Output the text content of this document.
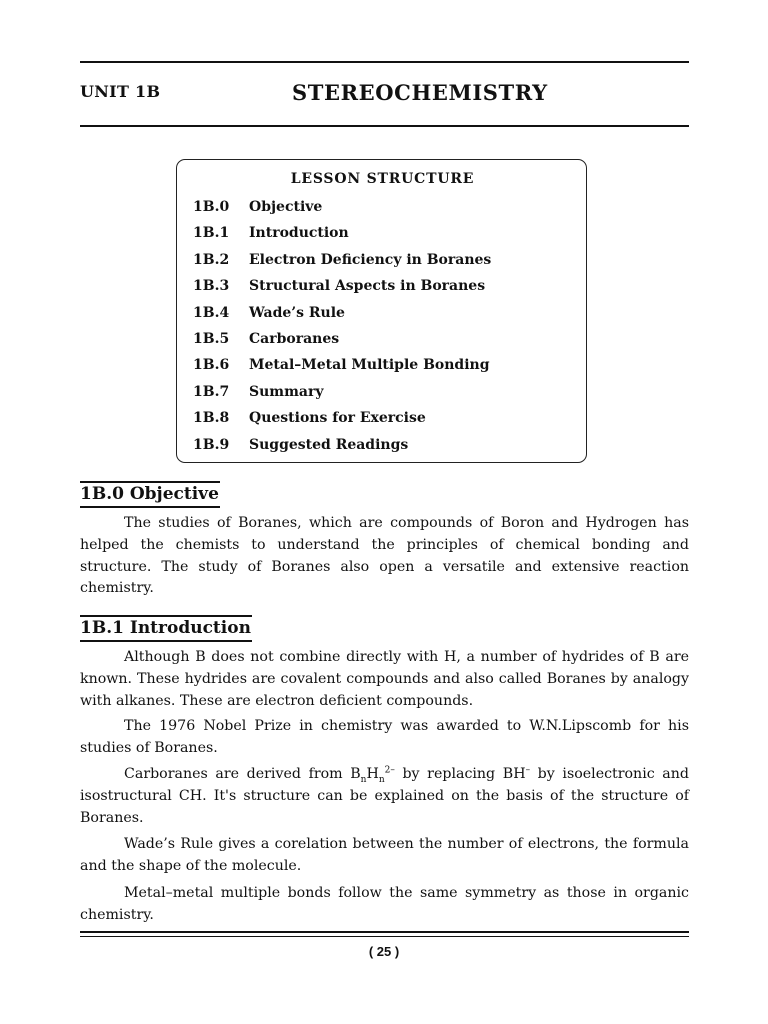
UNIT 1B	STEREOCHEMISTRY
LESSON STRUCTURE
1B.0 Objective
1B.1 Introduction
1B.2 Electron Deficiency in Boranes
1B.3 Structural Aspects in Boranes
1B.4 Wade’s Rule
1B.5 Carboranes
1B.6 Metal–Metal Multiple Bonding
1B.7 Summary
1B.8 Questions for Exercise
1B.9 Suggested Readings
1B.0 Objective

The studies of Boranes, which are compounds of Boron and Hydrogen has helped the chemists to understand the principles of chemical bonding and structure. The study of Boranes also open a versatile and extensive reaction chemistry.

1B.1 Introduction

Although B does not combine directly with H, a number of hydrides of B are known. These hydrides are covalent compounds and also called Boranes by analogy with alkanes. These are electron deficient compounds.

The 1976 Nobel Prize in chemistry was awarded to W.N.Lipscomb for his studies of Boranes.

Carboranes are derived from $B_nH_n^{2-}$ by replacing BH– by isoelectronic and isostructural CH. It's structure can be explained on the basis of the structure of Boranes.

Wade’s Rule gives a corelation between the number of electrons, the formula and the shape of the molecule.

Metal–metal multiple bonds follow the same symmetry as those in organic chemistry.

( 25 )
